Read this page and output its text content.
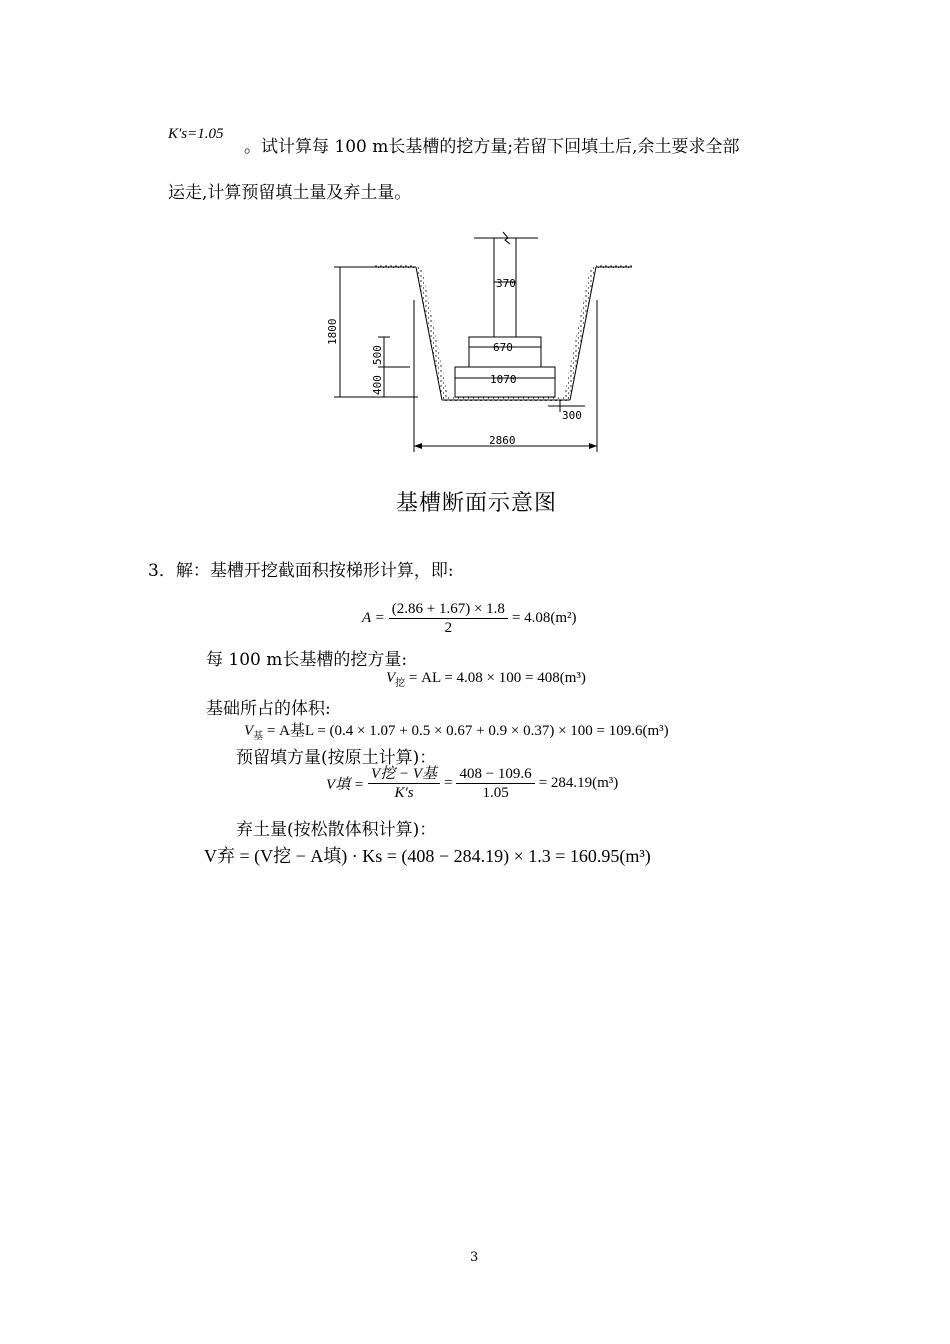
K′s=1.05
。试计算每 100 m长基槽的挖方量;若留下回填土后,余土要求全部
运走,计算预留填土量及弃土量。
370
670
1070
300
1800
500
400
2860
基槽断面示意图
3．解：基槽开挖截面积按梯形计算，即:
$A = \frac{(2.86 + 1.67) \times 1.8}{2} = 4.08(m^2)$
每 100 m长基槽的挖方量:
$V_挖$ = AL = 4.08 × 100 = 408(m³)
基础所占的体积:
$V_基 = A$基L = (0.4 × 1.07 + 0.5 × 0.67 + 0.9 × 0.37) × 100 = 109.6(m³)
预留填方量(按原土计算)：
V填 = $\frac{\text{V挖 − V基}}{K's} = \frac{408 - 109.6}{1.05} = 284.19(m^3)$
弃土量(按松散体积计算)：
V弃 = (V挖 − A填) · Ks = (408 − 284.19) × 1.3 = 160.95(m³)
3
